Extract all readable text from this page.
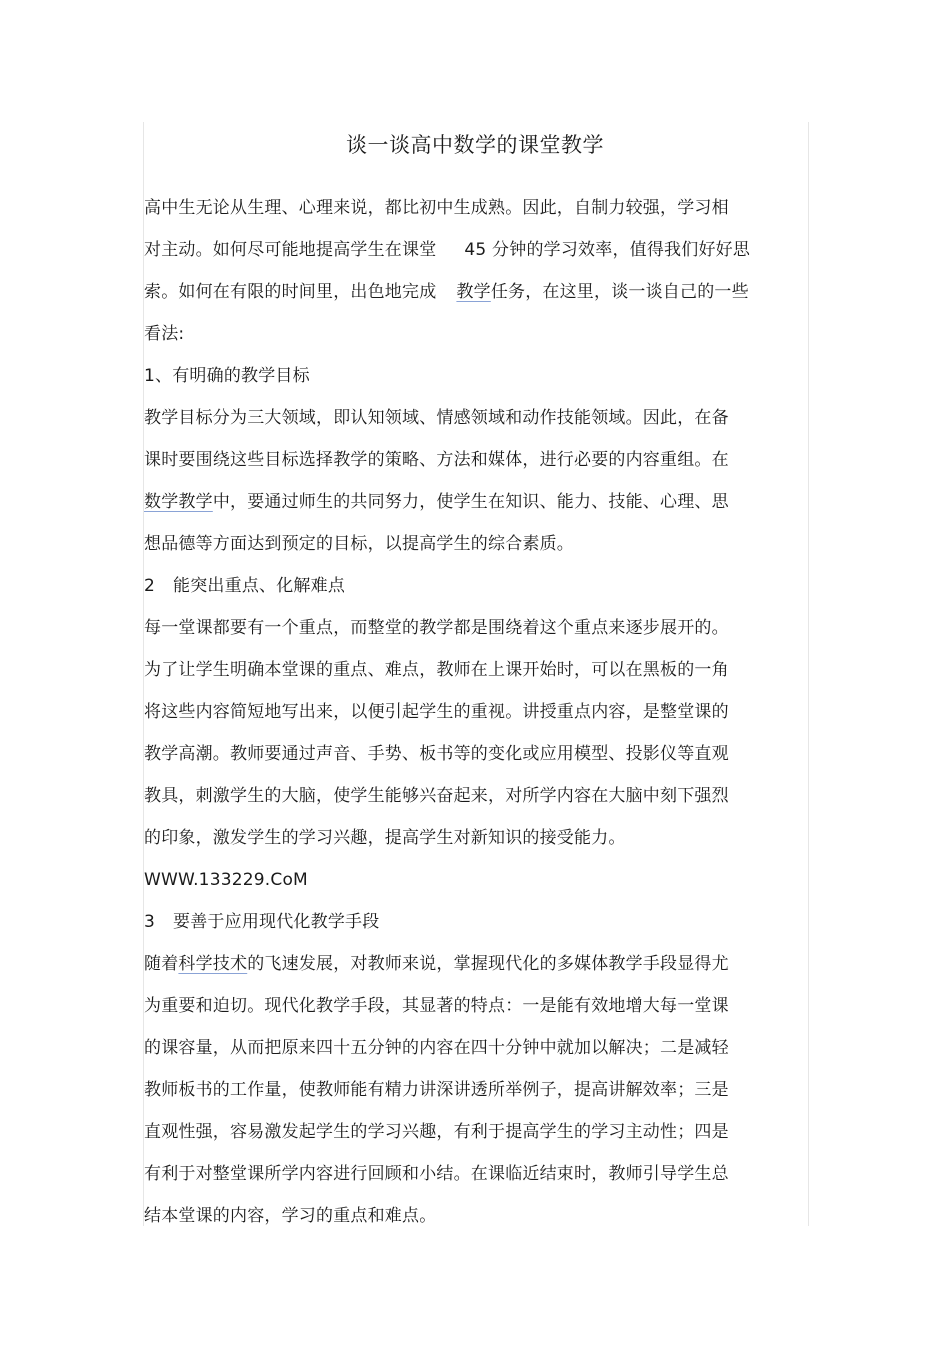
谈一谈高中数学的课堂教学
高中生无论从生理、心理来说，都比初中生成熟。因此，自制力较强，学习相
对主动。如何尽可能地提高学生在课堂 45 分钟的学习效率，值得我们好好思
索。如何在有限的时间里，出色地完成 教学任务，在这里，谈一谈自己的一些
看法:
1、有明确的教学目标
教学目标分为三大领域，即认知领域、情感领域和动作技能领域。因此，在备
课时要围绕这些目标选择教学的策略、方法和媒体，进行必要的内容重组。在
数学教学中，要通过师生的共同努力，使学生在知识、能力、技能、心理、思
想品德等方面达到预定的目标，以提高学生的综合素质。
2 能突出重点、化解难点
每一堂课都要有一个重点，而整堂的教学都是围绕着这个重点来逐步展开的。
为了让学生明确本堂课的重点、难点，教师在上课开始时，可以在黑板的一角
将这些内容简短地写出来，以便引起学生的重视。讲授重点内容，是整堂课的
教学高潮。教师要通过声音、手势、板书等的变化或应用模型、投影仪等直观
教具，刺激学生的大脑，使学生能够兴奋起来，对所学内容在大脑中刻下强烈
的印象，激发学生的学习兴趣，提高学生对新知识的接受能力。
WWW.133229.CoM
3 要善于应用现代化教学手段
随着科学技术的飞速发展，对教师来说，掌握现代化的多媒体教学手段显得尤
为重要和迫切。现代化教学手段，其显著的特点：一是能有效地增大每一堂课
的课容量，从而把原来四十五分钟的内容在四十分钟中就加以解决；二是减轻
教师板书的工作量，使教师能有精力讲深讲透所举例子，提高讲解效率；三是
直观性强，容易激发起学生的学习兴趣，有利于提高学生的学习主动性；四是
有利于对整堂课所学内容进行回顾和小结。在课临近结束时，教师引导学生总
结本堂课的内容，学习的重点和难点。
